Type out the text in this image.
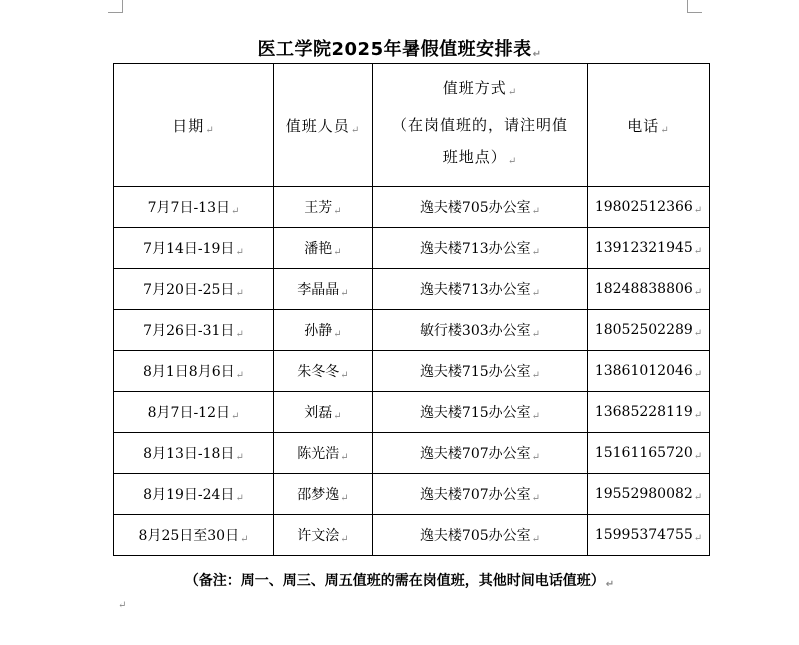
医工学院2025年暑假值班安排表↵
日期↵	值班人员↵	值班方式↵
（在岗值班的，请注明值
班地点）↵	电话↵
7月7日-13日↵	王芳↵	逸夫楼705办公室↵	19802512366↵
7月14日-19日↵	潘艳↵	逸夫楼713办公室↵	13912321945↵
7月20日-25日↵	李晶晶↵	逸夫楼713办公室↵	18248838806↵
7月26日-31日↵	孙静↵	敏行楼303办公室↵	18052502289↵
8月1日8月6日↵	朱冬冬↵	逸夫楼715办公室↵	13861012046↵
8月7日-12日↵	刘磊↵	逸夫楼715办公室↵	13685228119↵
8月13日-18日↵	陈光浩↵	逸夫楼707办公室↵	15161165720↵
8月19日-24日↵	邵梦逸↵	逸夫楼707办公室↵	19552980082↵
8月25日至30日↵	许文浍↵	逸夫楼705办公室↵	15995374755↵
（备注：周一、周三、周五值班的需在岗值班，其他时间电话值班）↵
↵
